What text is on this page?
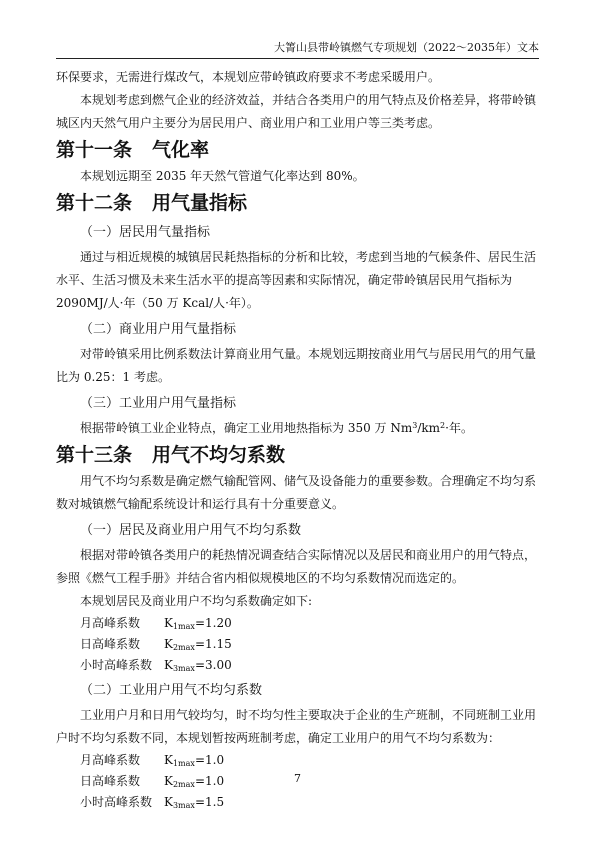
大箐山县带岭镇燃气专项规划（2022～2035年）文本

环保要求，无需进行煤改气，本规划应带岭镇政府要求不考虑采暖用户。

本规划考虑到燃气企业的经济效益，并结合各类用户的用气特点及价格差异，将带岭镇城区内天然气用户主要分为居民用户、商业用户和工业用户等三类考虑。

第十一条 气化率

本规划远期至 2035 年天然气管道气化率达到 80%。

第十二条 用气量指标
（一）居民用气量指标

通过与相近规模的城镇居民耗热指标的分析和比较，考虑到当地的气候条件、居民生活水平、生活习惯及未来生活水平的提高等因素和实际情况，确定带岭镇居民用气指标为 2090MJ/人·年（50 万 Kcal/人·年）。

（二）商业用户用气量指标

对带岭镇采用比例系数法计算商业用气量。本规划远期按商业用气与居民用气的用气量比为 0.25：1 考虑。

（三）工业用户用气量指标

根据带岭镇工业企业特点，确定工业用地热指标为 350 万 $Nm^3/km^2\cdot$年。

第十三条 用气不均匀系数

用气不均匀系数是确定燃气输配管网、储气及设备能力的重要参数。合理确定不均匀系数对城镇燃气输配系统设计和运行具有十分重要意义。

（一）居民及商业用户用气不均匀系数

根据对带岭镇各类用户的耗热情况调查结合实际情况以及居民和商业用户的用气特点，参照《燃气工程手册》并结合省内相似规模地区的不均匀系数情况而选定的。

本规划居民及商业用户不均匀系数确定如下:

月高峰系数 $K_{1max}=1.20$
日高峰系数 $K_{2max}=1.15$
小时高峰系数 $K_{3max}=3.00$
（二）工业用户用气不均匀系数

工业用户月和日用气较均匀，时不均匀性主要取决于企业的生产班制，不同班制工业用户时不均匀系数不同，本规划暂按两班制考虑，确定工业用户的用气不均匀系数为：

月高峰系数 $K_{1max}=1.0$
日高峰系数 $K_{2max}=1.0$
小时高峰系数 $K_{3max}=1.5$
7
